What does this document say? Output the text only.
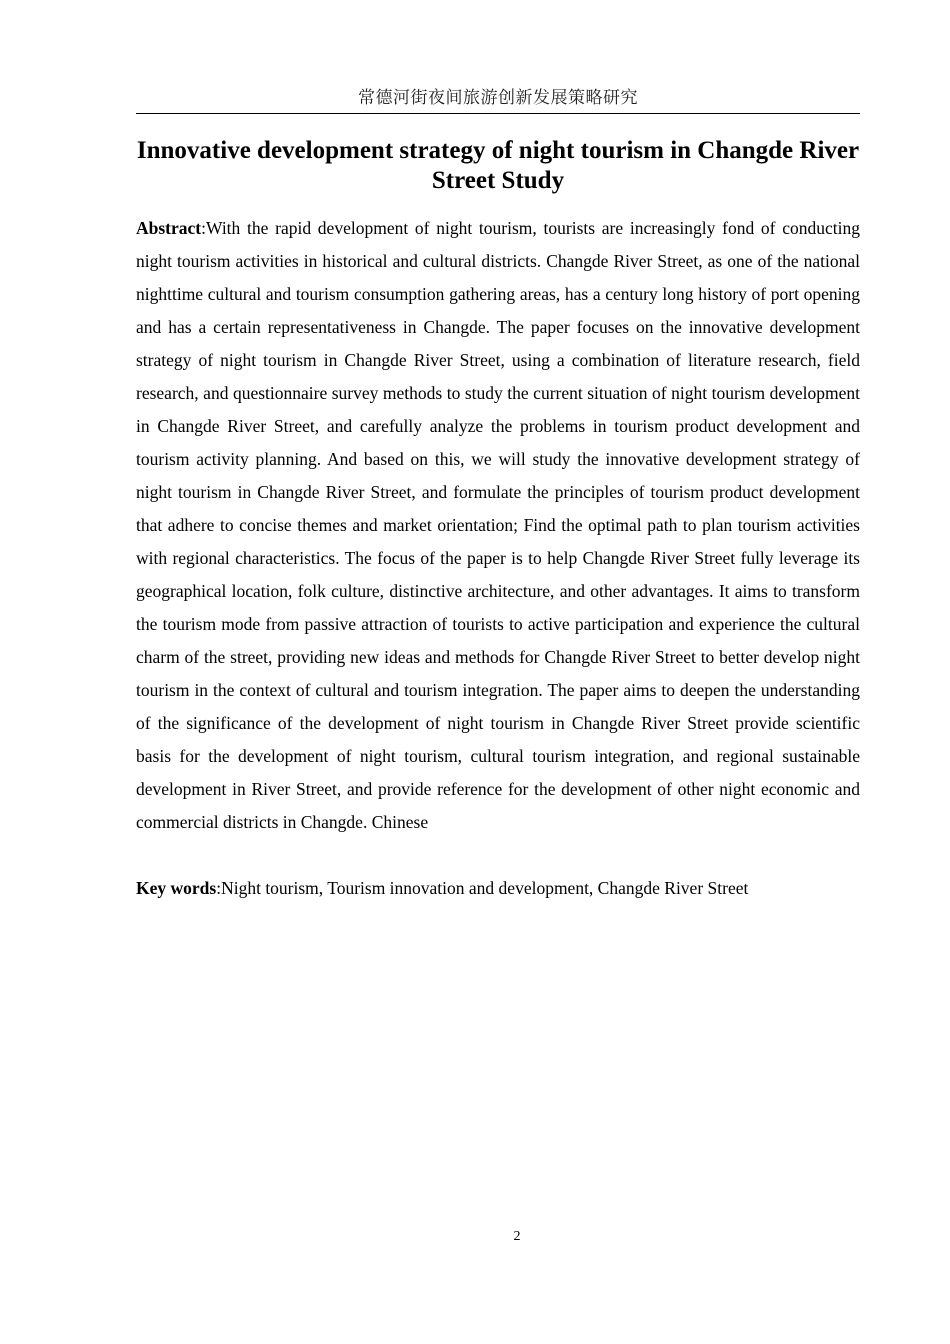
常德河街夜间旅游创新发展策略研究
Innovative development strategy of night tourism in Changde River Street Study

Abstract:With the rapid development of night tourism, tourists are increasingly fond of conducting night tourism activities in historical and cultural districts. Changde River Street, as one of the national nighttime cultural and tourism consumption gathering areas, has a century long history of port opening and has a certain representativeness in Changde. The paper focuses on the innovative development strategy of night tourism in Changde River Street, using a combination of literature research, field research, and questionnaire survey methods to study the current situation of night tourism development in Changde River Street, and carefully analyze the problems in tourism product development and tourism activity planning. And based on this, we will study the innovative development strategy of night tourism in Changde River Street, and formulate the principles of tourism product development that adhere to concise themes and market orientation; Find the optimal path to plan tourism activities with regional characteristics. The focus of the paper is to help Changde River Street fully leverage its geographical location, folk culture, distinctive architecture, and other advantages. It aims to transform the tourism mode from passive attraction of tourists to active participation and experience the cultural charm of the street, providing new ideas and methods for Changde River Street to better develop night tourism in the context of cultural and tourism integration. The paper aims to deepen the understanding of the significance of the development of night tourism in Changde River Street provide scientific basis for the development of night tourism, cultural tourism integration, and regional sustainable development in River Street, and provide reference for the development of other night economic and commercial districts in Changde. Chinese

Key words:Night tourism, Tourism innovation and development, Changde River Street

2
